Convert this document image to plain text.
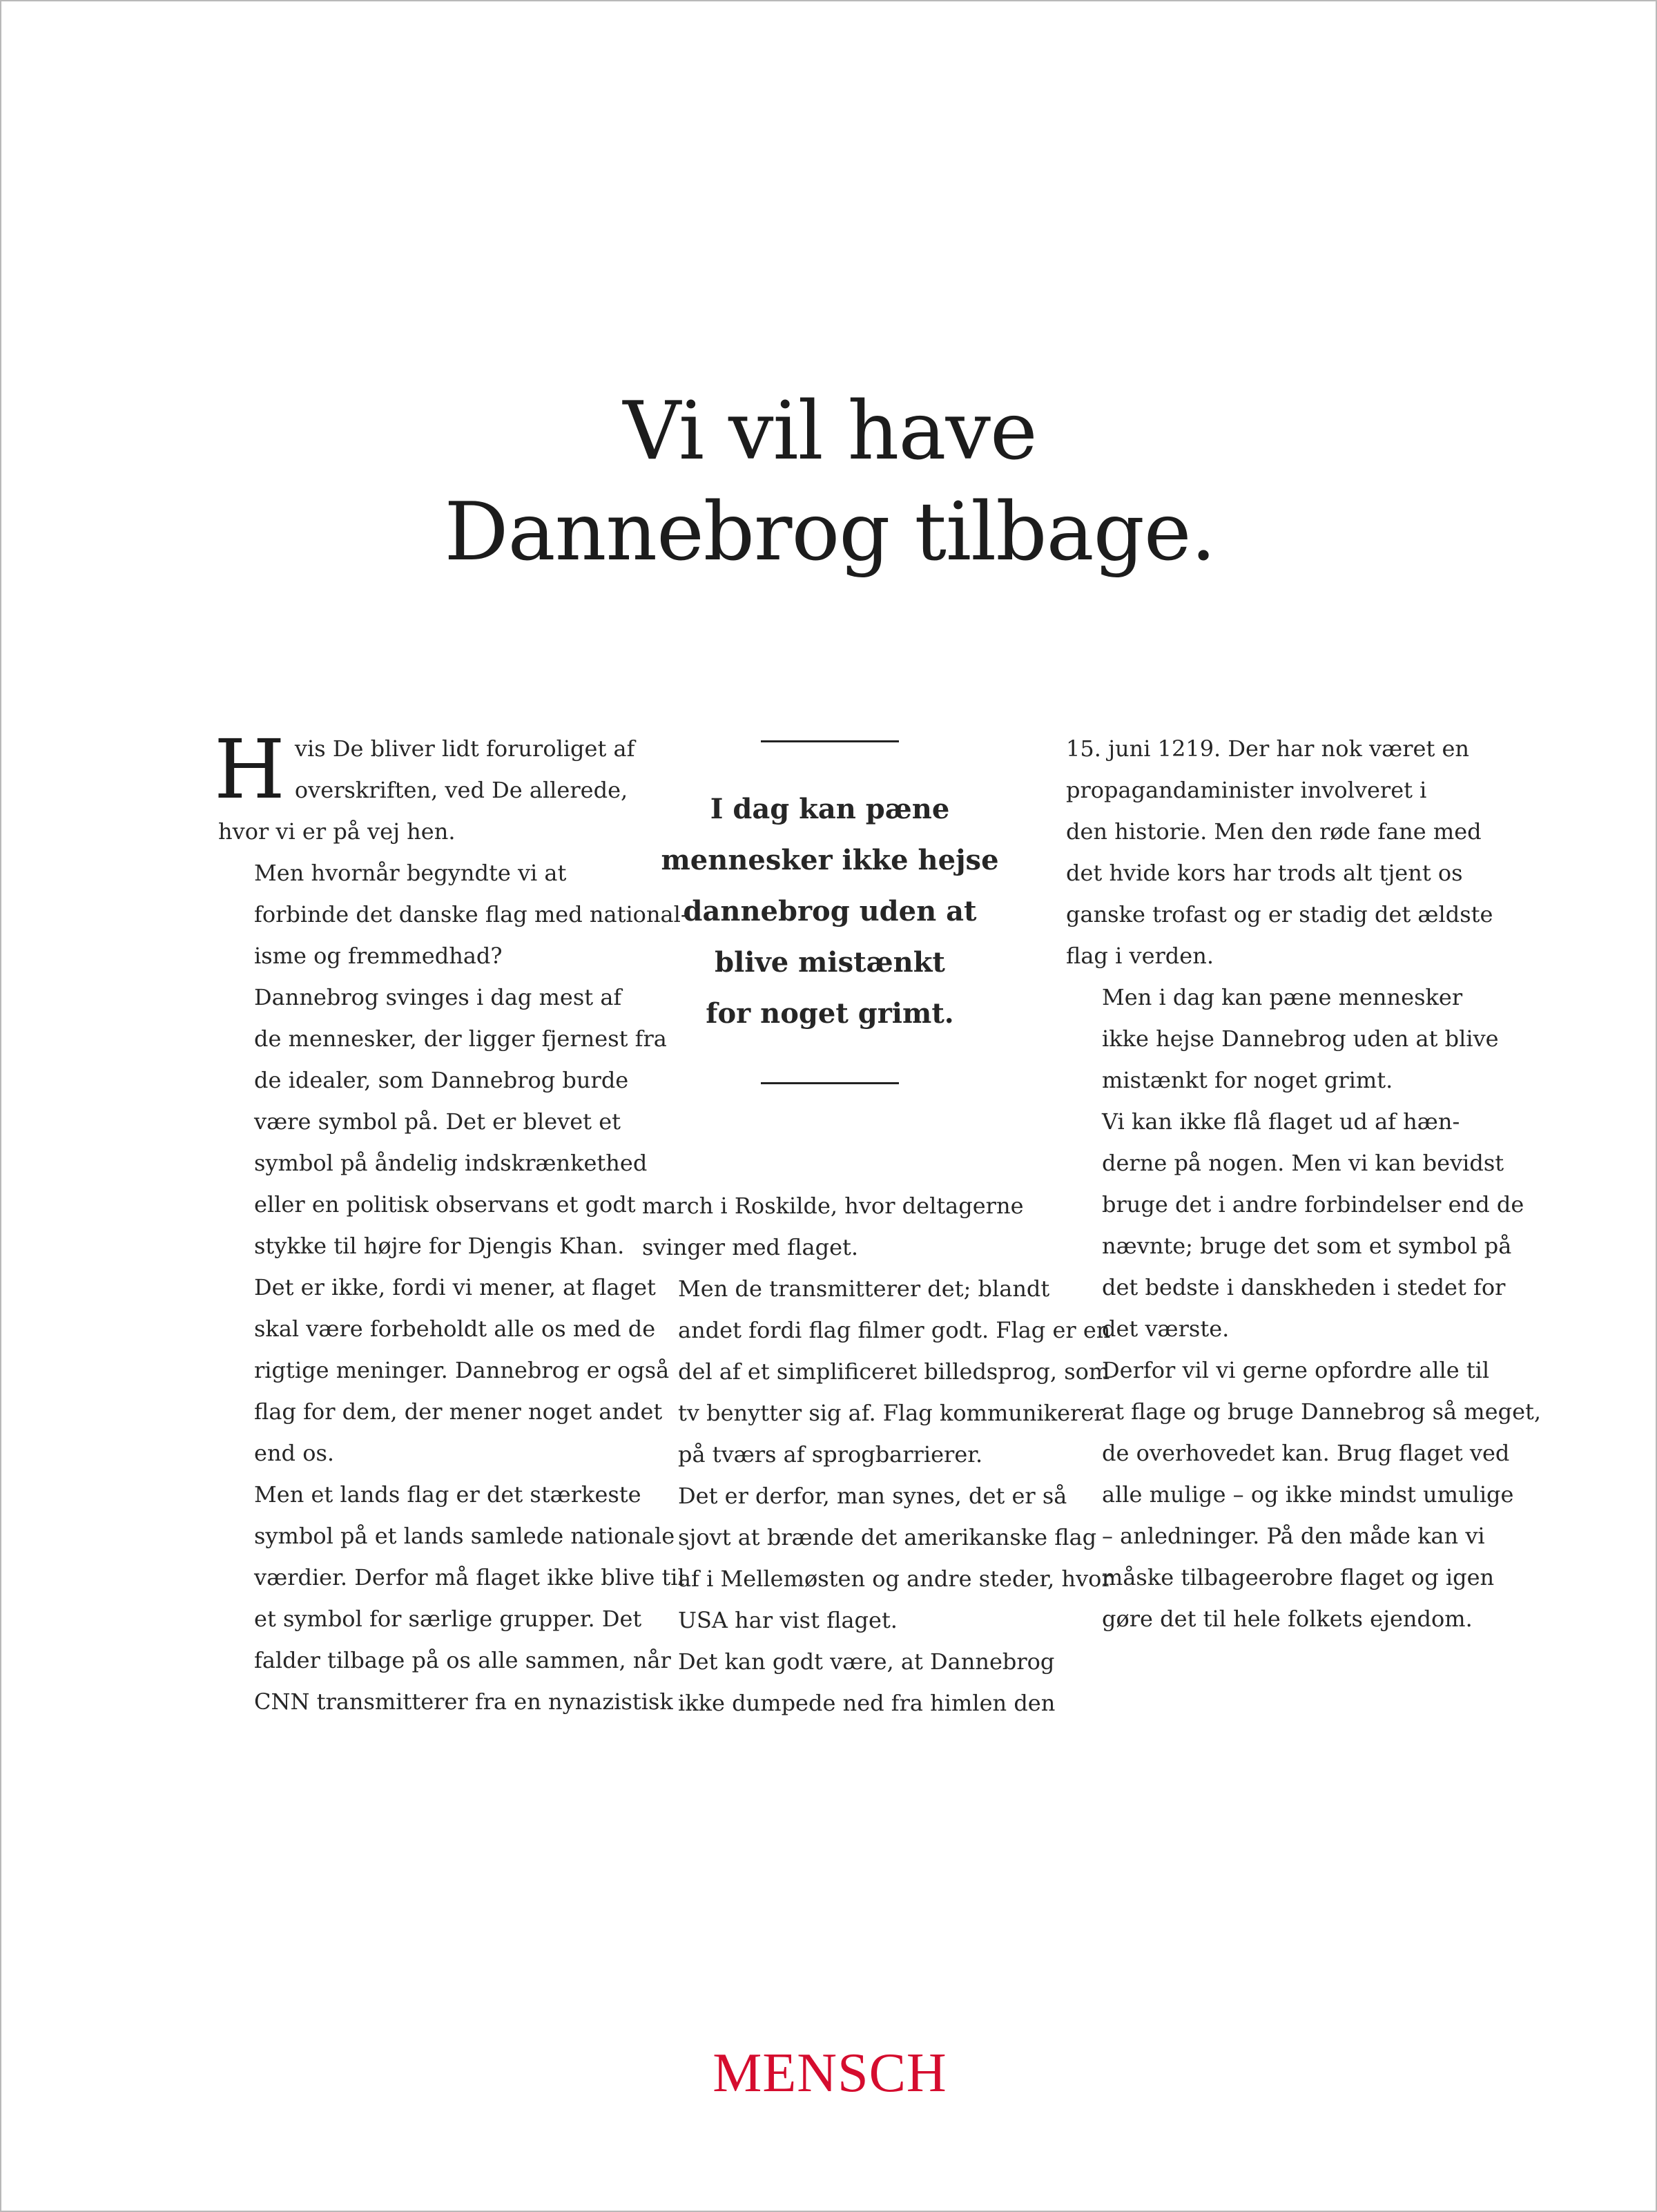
Vi vil have
Dannebrog tilbage.

H vis De bliver lidt foruroliget af
overskriften, ved De allerede,
hvor vi er på vej hen.

Men hvornår begyndte vi at
forbinde det danske flag med national-
isme og fremmedhad?

Dannebrog svinges i dag mest af
de mennesker, der ligger fjernest fra
de idealer, som Dannebrog burde
være symbol på. Det er blevet et
symbol på åndelig indskrænkethed
eller en politisk observans et godt
stykke til højre for Djengis Khan.

Det er ikke, fordi vi mener, at flaget
skal være forbeholdt alle os med de
rigtige meninger. Dannebrog er også
flag for dem, der mener noget andet
end os.

Men et lands flag er det stærkeste
symbol på et lands samlede nationale
værdier. Derfor må flaget ikke blive til
et symbol for særlige grupper. Det
falder tilbage på os alle sammen, når
CNN transmitterer fra en nynazistisk

I dag kan pæne
mennesker ikke hejse
dannebrog uden at
blive mistænkt
for noget grimt.

march i Roskilde, hvor deltagerne
svinger med flaget.

Men de transmitterer det; blandt
andet fordi flag filmer godt. Flag er en
del af et simplificeret billedsprog, som
tv benytter sig af. Flag kommunikerer
på tværs af sprogbarrierer.

Det er derfor, man synes, det er så
sjovt at brænde det amerikanske flag
af i Mellemøsten og andre steder, hvor
USA har vist flaget.

Det kan godt være, at Dannebrog
ikke dumpede ned fra himlen den

15. juni 1219. Der har nok været en
propagandaminister involveret i
den historie. Men den røde fane med
det hvide kors har trods alt tjent os
ganske trofast og er stadig det ældste
flag i verden.

Men i dag kan pæne mennesker
ikke hejse Dannebrog uden at blive
mistænkt for noget grimt.

Vi kan ikke flå flaget ud af hæn-
derne på nogen. Men vi kan bevidst
bruge det i andre forbindelser end de
nævnte; bruge det som et symbol på
det bedste i danskheden i stedet for
det værste.

Derfor vil vi gerne opfordre alle til
at flage og bruge Dannebrog så meget,
de overhovedet kan. Brug flaget ved
alle mulige – og ikke mindst umulige
– anledninger. På den måde kan vi
måske tilbageerobre flaget og igen
gøre det til hele folkets ejendom.

MENSCH
